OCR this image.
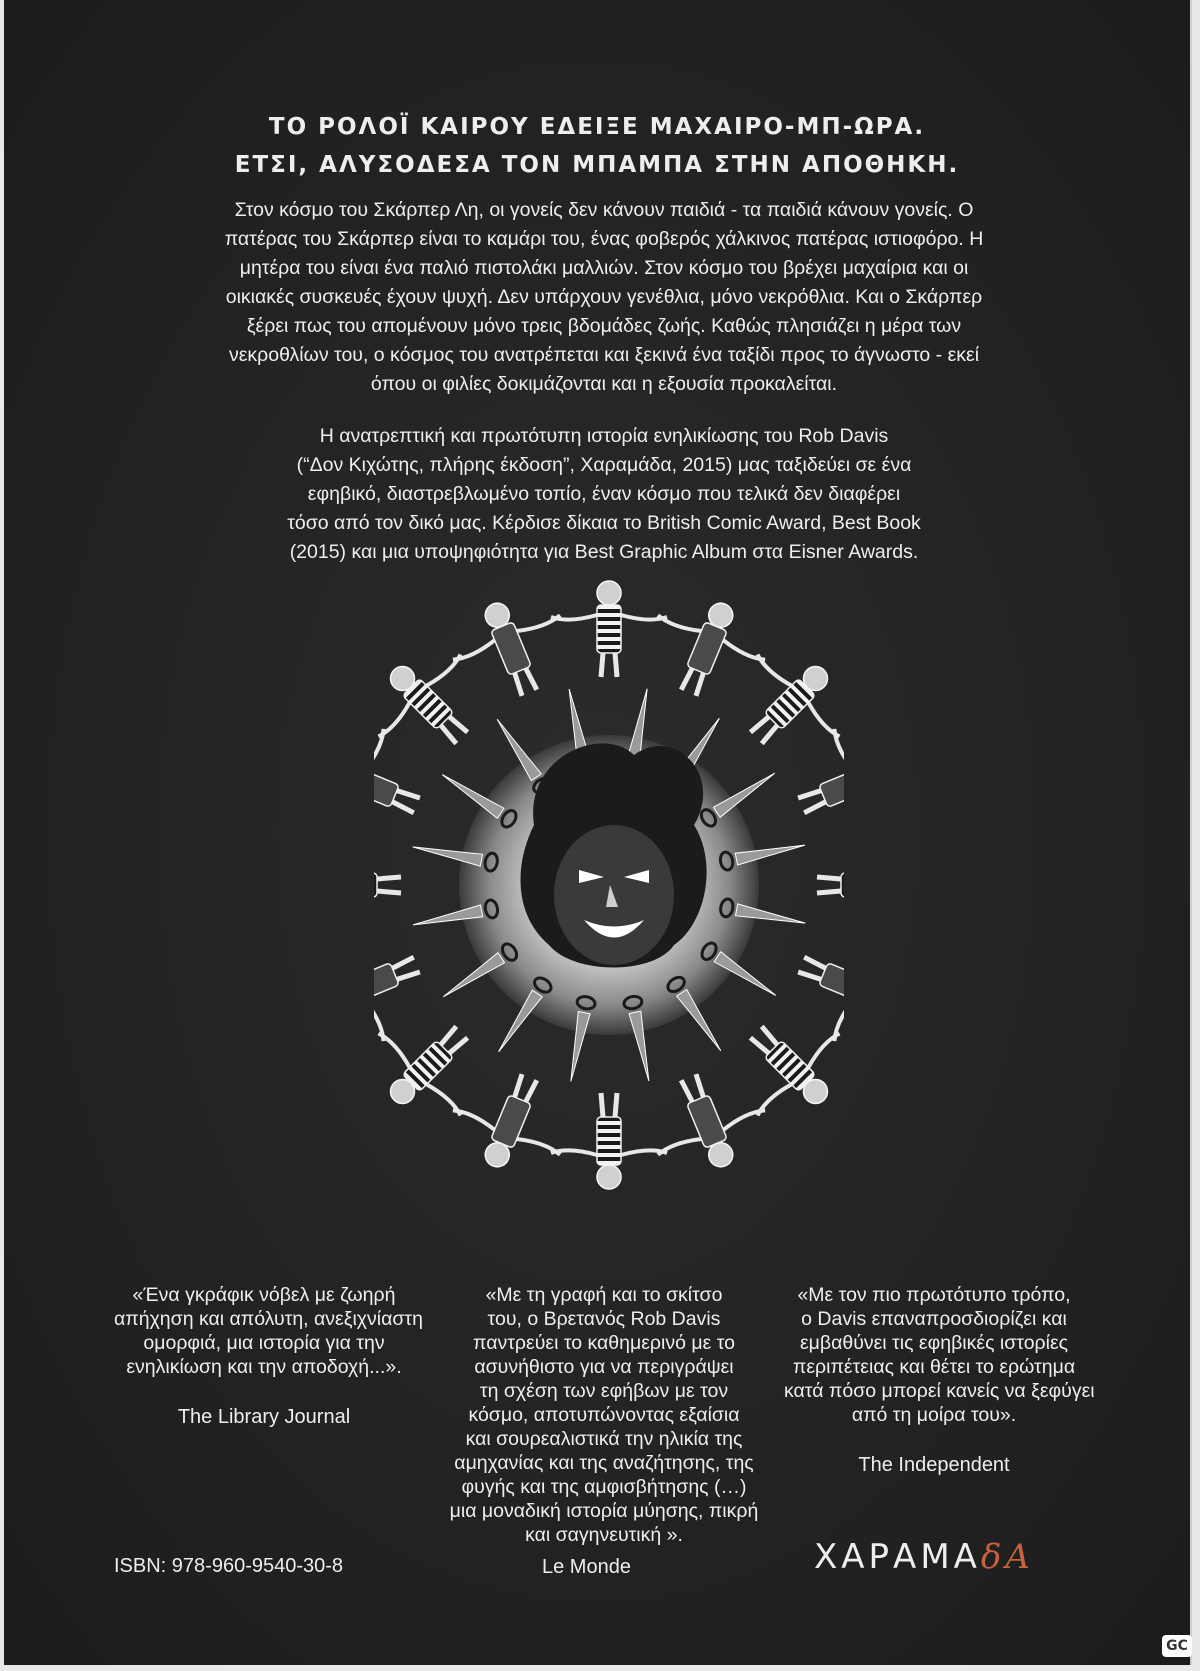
ΤΟ ΡΟΛΟΪ ΚΑΙΡΟΥ ΕΔΕΙΞΕ ΜΑΧΑΙΡΟ-ΜΠ-ΩΡΑ.
ΕΤΣΙ, ΑΛΥΣΟΔΕΣΑ ΤΟΝ ΜΠΑΜΠΑ ΣΤΗΝ ΑΠΟΘΗΚΗ.

Στον κόσμο του Σκάρπερ Λη, οι γονείς δεν κάνουν παιδιά - τα παιδιά κάνουν γονείς. Ο
πατέρας του Σκάρπερ είναι το καμάρι του, ένας φοβερός χάλκινος πατέρας ιστιοφόρο. Η
μητέρα του είναι ένα παλιό πιστολάκι μαλλιών. Στον κόσμο του βρέχει μαχαίρια και οι
οικιακές συσκευές έχουν ψυχή. Δεν υπάρχουν γενέθλια, μόνο νεκρόθλια. Και ο Σκάρπερ
ξέρει πως του απομένουν μόνο τρεις βδομάδες ζωής. Καθώς πλησιάζει η μέρα των
νεκροθλίων του, ο κόσμος του ανατρέπεται και ξεκινά ένα ταξίδι προς το άγνωστο - εκεί
όπου οι φιλίες δοκιμάζονται και η εξουσία προκαλείται.

Η ανατρεπτική και πρωτότυπη ιστορία ενηλικίωσης του Rob Davis
(“Δον Κιχώτης, πλήρης έκδοση”, Χαραμάδα, 2015) μας ταξιδεύει σε ένα
εφηβικό, διαστρεβλωμένο τοπίο, έναν κόσμο που τελικά δεν διαφέρει
τόσο από τον δικό μας. Κέρδισε δίκαια το British Comic Award, Best Book
(2015) και μια υποψηφιότητα για Best Graphic Album στα Eisner Awards.

«Ένα γκράφικ νόβελ με ζωηρή
απήχηση και απόλυτη, ανεξιχνίαστη
ομορφιά, μια ιστορία για την
ενηλικίωση και την αποδοχή...».
The Library Journal
«Με τη γραφή και το σκίτσο
του, ο Βρετανός Rob Davis
παντρεύει το καθημερινό με το
ασυνήθιστο για να περιγράψει
τη σχέση των εφήβων με τον
κόσμο, αποτυπώνοντας εξαίσια
και σουρεαλιστικά την ηλικία της
αμηχανίας και της αναζήτησης, της
φυγής και της αμφισβήτησης (…)
μια μοναδική ιστορία μύησης, πικρή
και σαγηνευτική ».
«Με τον πιο πρωτότυπο τρόπο,
ο Davis επαναπροσδιορίζει και
εμβαθύνει τις εφηβικές ιστορίες
περιπέτειας και θέτει το ερώτημα
κατά πόσο μπορεί κανείς να ξεφύγει
από τη μοίρα του».
The Independent
ISBN: 978-960-9540-30-8	Le Monde	ΧΑΡΑΜΑδΑ
GC
